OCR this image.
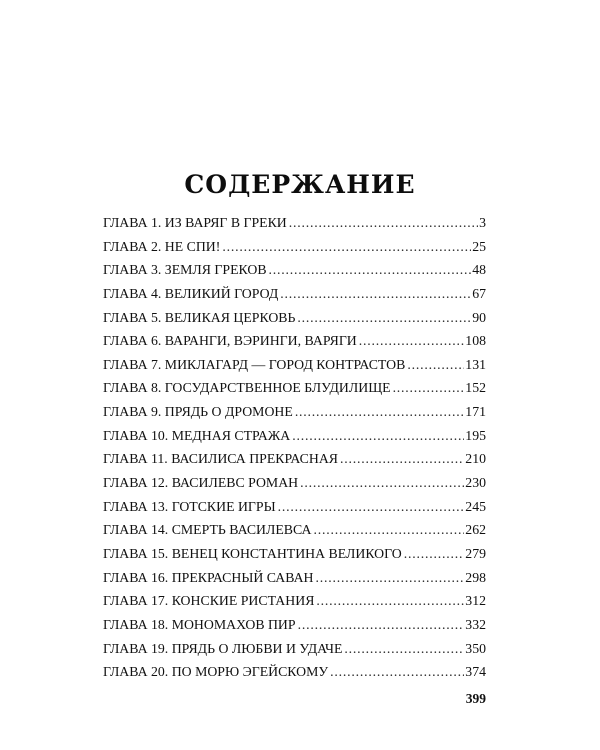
СОДЕРЖАНИЕ
ГЛАВА 1. ИЗ ВАРЯГ В ГРЕКИ .....	3
ГЛАВА 2. НЕ СПИ! .....	25
ГЛАВА 3. ЗЕМЛЯ ГРЕКОВ .....	48
ГЛАВА 4. ВЕЛИКИЙ ГОРОД .....	67
ГЛАВА 5. ВЕЛИКАЯ ЦЕРКОВЬ .....	90
ГЛАВА 6. ВАРАНГИ, ВЭРИНГИ, ВАРЯГИ .....	108
ГЛАВА 7. МИКЛАГАРД — ГОРОД КОНТРАСТОВ .....	131
ГЛАВА 8. ГОСУДАРСТВЕННОЕ БЛУДИЛИЩЕ .....	152
ГЛАВА 9. ПРЯДЬ О ДРОМОНЕ .....	171
ГЛАВА 10. МЕДНАЯ СТРАЖА .....	195
ГЛАВА 11. ВАСИЛИСА ПРЕКРАСНАЯ .....	210
ГЛАВА 12. ВАСИЛЕВС РОМАН .....	230
ГЛАВА 13. ГОТСКИЕ ИГРЫ .....	245
ГЛАВА 14. СМЕРТЬ ВАСИЛЕВСА .....	262
ГЛАВА 15. ВЕНЕЦ КОНСТАНТИНА ВЕЛИКОГО .....	279
ГЛАВА 16. ПРЕКРАСНЫЙ САВАН .....	298
ГЛАВА 17. КОНСКИЕ РИСТАНИЯ .....	312
ГЛАВА 18. МОНОМАХОВ ПИР .....	332
ГЛАВА 19. ПРЯДЬ О ЛЮБВИ И УДАЧЕ .....	350
ГЛАВА 20. ПО МОРЮ ЭГЕЙСКОМУ .....	374
399
